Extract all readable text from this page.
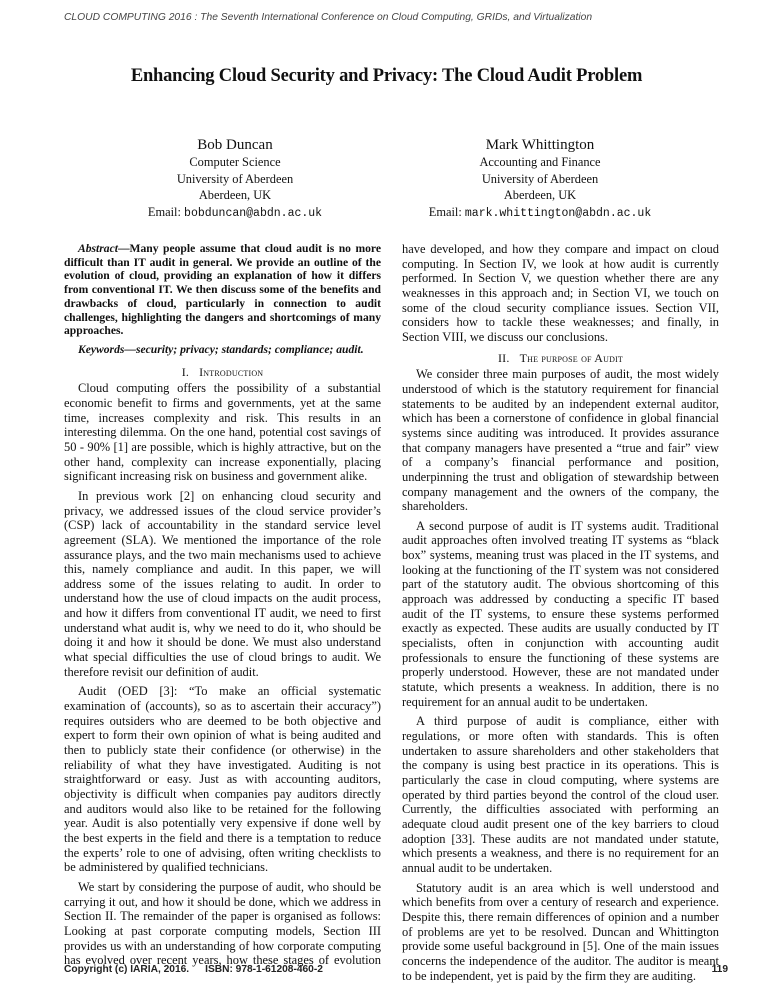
CLOUD COMPUTING 2016 : The Seventh International Conference on Cloud Computing, GRIDs, and Virtualization
Enhancing Cloud Security and Privacy: The Cloud Audit Problem
Bob Duncan
Computer Science
University of Aberdeen
Aberdeen, UK
Email: bobduncan@abdn.ac.uk
Mark Whittington
Accounting and Finance
University of Aberdeen
Aberdeen, UK
Email: mark.whittington@abdn.ac.uk

Abstract—Many people assume that cloud audit is no more difficult than IT audit in general. We provide an outline of the evolution of cloud, providing an explanation of how it differs from conventional IT. We then discuss some of the benefits and drawbacks of cloud, particularly in connection to audit challenges, highlighting the dangers and shortcomings of many approaches.

Keywords—security; privacy; standards; compliance; audit.

I. Introduction

Cloud computing offers the possibility of a substantial economic benefit to firms and governments, yet at the same time, increases complexity and risk. This results in an interesting dilemma. On the one hand, potential cost savings of 50 - 90% [1] are possible, which is highly attractive, but on the other hand, complexity can increase exponentially, placing significant increasing risk on business and government alike.

In previous work [2] on enhancing cloud security and privacy, we addressed issues of the cloud service provider’s (CSP) lack of accountability in the standard service level agreement (SLA). We mentioned the importance of the role assurance plays, and the two main mechanisms used to achieve this, namely compliance and audit. In this paper, we will address some of the issues relating to audit. In order to understand how the use of cloud impacts on the audit process, and how it differs from conventional IT audit, we need to first understand what audit is, why we need to do it, who should be doing it and how it should be done. We must also understand what special difficulties the use of cloud brings to audit. We therefore revisit our definition of audit.

Audit (OED [3]: “To make an official systematic examination of (accounts), so as to ascertain their accuracy”) requires outsiders who are deemed to be both objective and expert to form their own opinion of what is being audited and then to publicly state their confidence (or otherwise) in the reliability of what they have investigated. Auditing is not straightforward or easy. Just as with accounting auditors, objectivity is difficult when companies pay auditors directly and auditors would also like to be retained for the following year. Audit is also potentially very expensive if done well by the best experts in the field and there is a temptation to reduce the experts’ role to one of advising, often writing checklists to be administered by qualified technicians.

We start by considering the purpose of audit, who should be carrying it out, and how it should be done, which we address in Section II. The remainder of the paper is organised as follows: Looking at past corporate computing models, Section III provides us with an understanding of how corporate computing has evolved over recent years, how these stages of evolution

have developed, and how they compare and impact on cloud computing. In Section IV, we look at how audit is currently performed. In Section V, we question whether there are any weaknesses in this approach and; in Section VI, we touch on some of the cloud security compliance issues. Section VII, considers how to tackle these weaknesses; and finally, in Section VIII, we discuss our conclusions.

II. The purpose of Audit

We consider three main purposes of audit, the most widely understood of which is the statutory requirement for financial statements to be audited by an independent external auditor, which has been a cornerstone of confidence in global financial systems since auditing was introduced. It provides assurance that company managers have presented a “true and fair” view of a company’s financial performance and position, underpinning the trust and obligation of stewardship between company management and the owners of the company, the shareholders.

A second purpose of audit is IT systems audit. Traditional audit approaches often involved treating IT systems as “black box” systems, meaning trust was placed in the IT systems, and looking at the functioning of the IT system was not considered part of the statutory audit. The obvious shortcoming of this approach was addressed by conducting a specific IT based audit of the IT systems, to ensure these systems performed exactly as expected. These audits are usually conducted by IT specialists, often in conjunction with accounting audit professionals to ensure the functioning of these systems are properly understood. However, these are not mandated under statute, which presents a weakness. In addition, there is no requirement for an annual audit to be undertaken.

A third purpose of audit is compliance, either with regulations, or more often with standards. This is often undertaken to assure shareholders and other stakeholders that the company is using best practice in its operations. This is particularly the case in cloud computing, where systems are operated by third parties beyond the control of the cloud user. Currently, the difficulties associated with performing an adequate cloud audit present one of the key barriers to cloud adoption [33]. These audits are not mandated under statute, which presents a weakness, and there is no requirement for an annual audit to be undertaken.

Statutory audit is an area which is well understood and which benefits from over a century of research and experience. Despite this, there remain differences of opinion and a number of problems are yet to be resolved. Duncan and Whittington provide some useful background in [5]. One of the main issues concerns the independence of the auditor. The auditor is meant to be independent, yet is paid by the firm they are auditing.

Copyright (c) IARIA, 2016. ISBN: 978-1-61208-460-2	119
